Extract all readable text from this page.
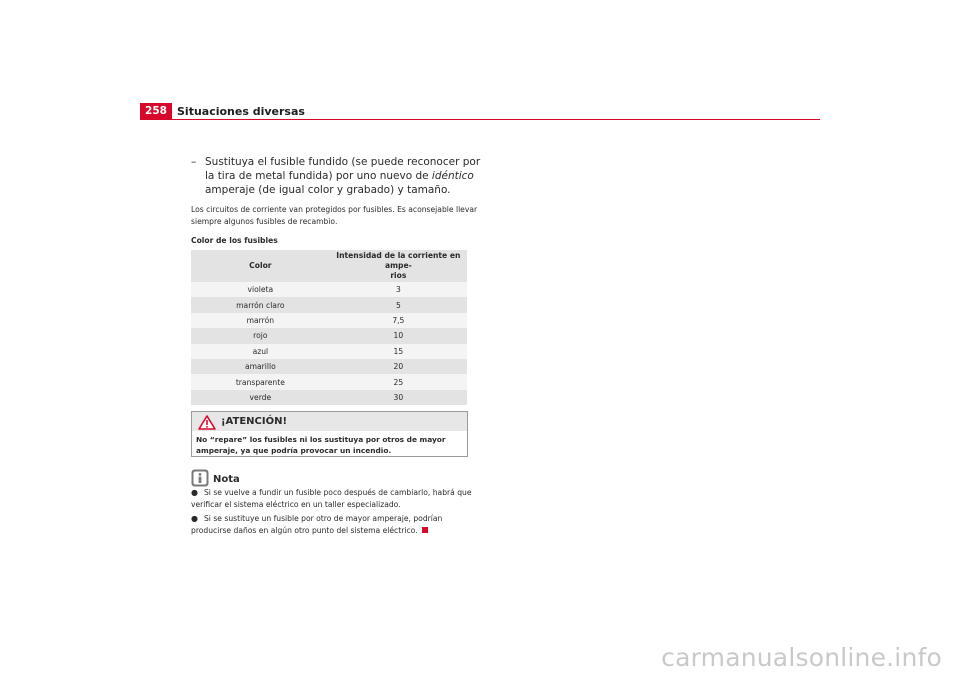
258 Situaciones diversas
– Sustituya el fusible fundido (se puede reconocer por la tira de metal fundida) por uno nuevo de idéntico amperaje (de igual color y grabado) y tamaño.
Los circuitos de corriente van protegidos por fusibles. Es aconsejable llevar siempre algunos fusibles de recambio.
Color de los fusibles
Color	Intensidad de la corriente en ampe-
rios
violeta	3
marrón claro	5
marrón	7,5
rojo	10
azul	15
amarillo	20
transparente	25
verde	30
¡ATENCIÓN!
No “repare” los fusibles ni los sustituya por otros de mayor amperaje, ya que podría provocar un incendio.
Nota
● Si se vuelve a fundir un fusible poco después de cambiarlo, habrá que verificar el sistema eléctrico en un taller especializado.
● Si se sustituye un fusible por otro de mayor amperaje, podrían producirse daños en algún otro punto del sistema eléctrico.
carmanualsonline.info
